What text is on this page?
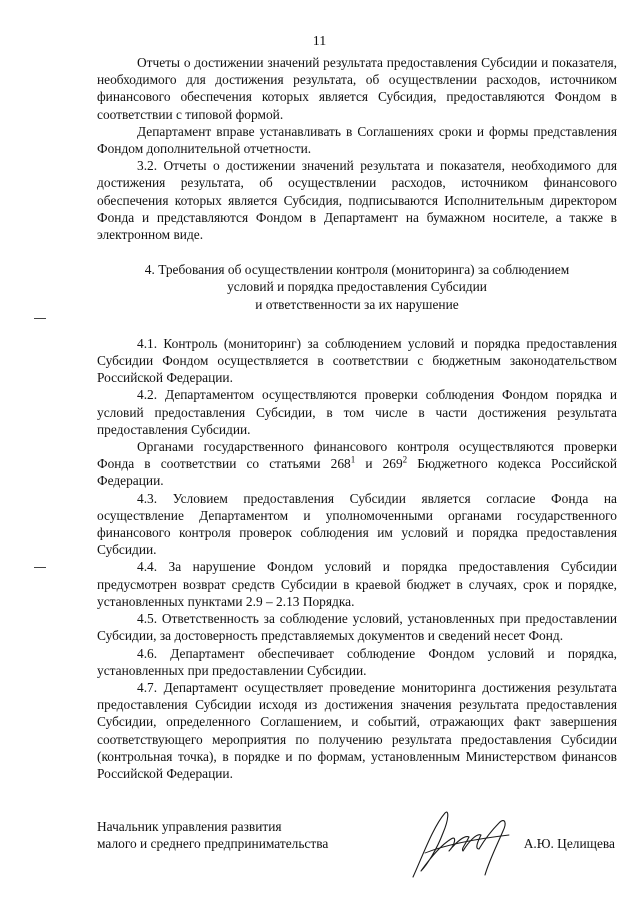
11

Отчеты о достижении значений результата предоставления Субсидии и показателя, необходимого для достижения результата, об осуществлении расходов, источником финансового обеспечения которых является Субсидия, предоставляются Фондом в соответствии с типовой формой.

Департамент вправе устанавливать в Соглашениях сроки и формы представления Фондом дополнительной отчетности.

3.2. Отчеты о достижении значений результата и показателя, необходимого для достижения результата, об осуществлении расходов, источником финансового обеспечения которых является Субсидия, подписываются Исполнительным директором Фонда и представляются Фондом в Департамент на бумажном носителе, а также в электронном виде.

4. Требования об осуществлении контроля (мониторинга) за соблюдением
условий и порядка предоставления Субсидии
и ответственности за их нарушение

4.1. Контроль (мониторинг) за соблюдением условий и порядка предоставления Субсидии Фондом осуществляется в соответствии с бюджетным законодательством Российской Федерации.

4.2. Департаментом осуществляются проверки соблюдения Фондом порядка и условий предоставления Субсидии, в том числе в части достижения результата предоставления Субсидии.

Органами государственного финансового контроля осуществляются проверки Фонда в соответствии со статьями $268^1$ и $269^2$ Бюджетного кодекса Российской Федерации.

4.3. Условием предоставления Субсидии является согласие Фонда на осуществление Департаментом и уполномоченными органами государственного финансового контроля проверок соблюдения им условий и порядка предоставления Субсидии.

4.4. За нарушение Фондом условий и порядка предоставления Субсидии предусмотрен возврат средств Субсидии в краевой бюджет в случаях, срок и порядке, установленных пунктами 2.9 – 2.13 Порядка.

4.5. Ответственность за соблюдение условий, установленных при предоставлении Субсидии, за достоверность представляемых документов и сведений несет Фонд.

4.6. Департамент обеспечивает соблюдение Фондом условий и порядка, установленных при предоставлении Субсидии.

4.7. Департамент осуществляет проведение мониторинга достижения результата предоставления Субсидии исходя из достижения значения результата предоставления Субсидии, определенного Соглашением, и событий, отражающих факт завершения соответствующего мероприятия по получению результата предоставления Субсидии (контрольная точка), в порядке и по формам, установленным Министерством финансов Российской Федерации.

Начальник управления развития
малого и среднего предпринимательства	А.Ю. Целищева
